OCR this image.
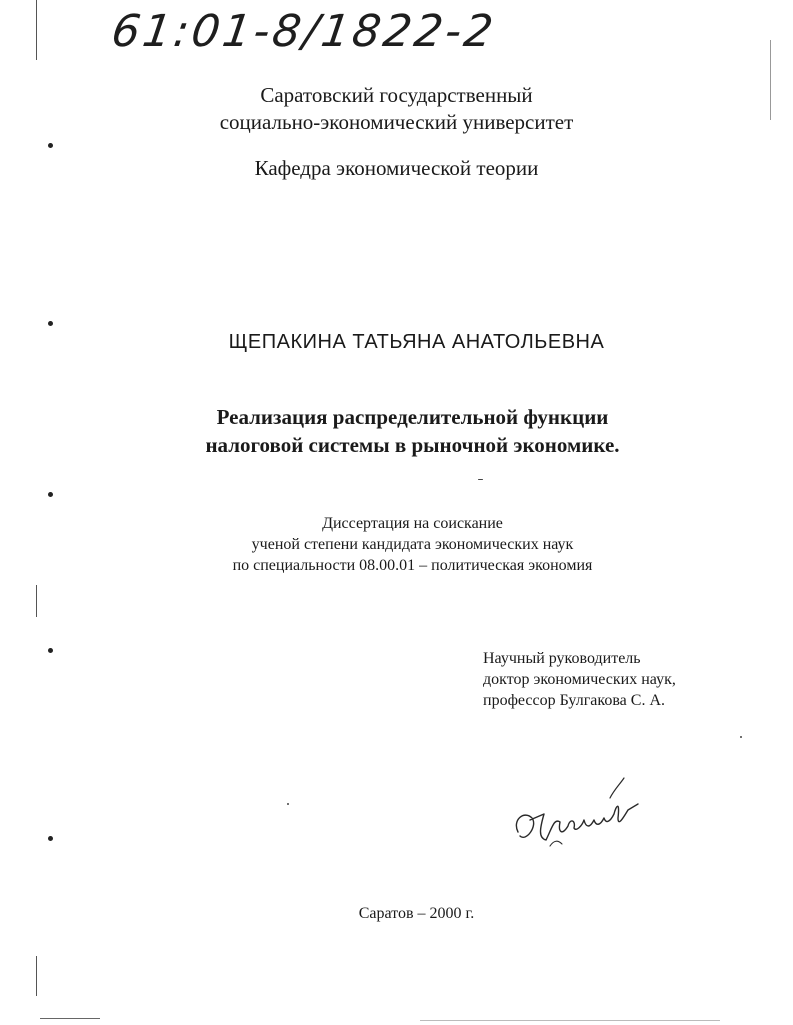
61:01-8/1822-2
Саратовский государственный
социально-экономический университет
Кафедра экономической теории
ЩЕПАКИНА ТАТЬЯНА АНАТОЛЬЕВНА
Реализация распределительной функции
налоговой системы в рыночной экономике.
Диссертация на соискание
ученой степени кандидата экономических наук
по специальности 08.00.01 – политическая экономия
Научный руководитель
доктор экономических наук,
профессор Булгакова С. А.
Саратов – 2000 г.
